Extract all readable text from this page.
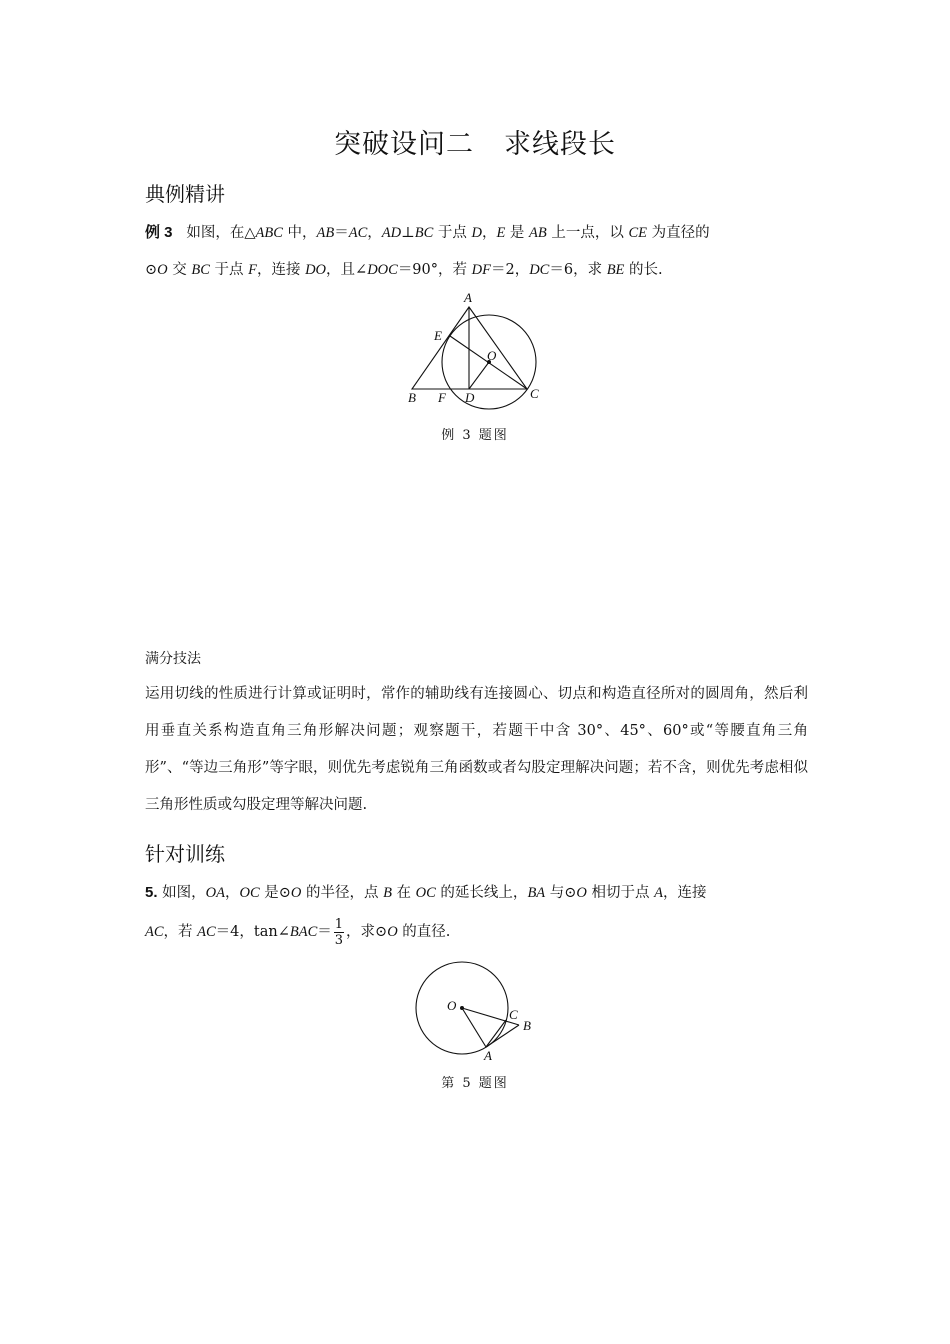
突破设问二 求线段长
典例精讲
例 3 如图，在△ABC 中，AB＝AC，AD⊥BC 于点 D，E 是 AB 上一点，以 CE 为直径的
⊙O 交 BC 于点 F，连接 DO，且∠DOC＝90°，若 DF＝2，DC＝6，求 BE 的长.
A
E
O
B F D	C
例 3 题图
满分技法
运用切线的性质进行计算或证明时，常作的辅助线有连接圆心、切点和构造直径所对的圆周角，然后利用垂直关系构造直角三角形解决问题；观察题干，若题干中含 30°、45°、60°或“等腰直角三角形”、“等边三角形”等字眼，则优先考虑锐角三角函数或者勾股定理解决问题；若不含，则优先考虑相似三角形性质或勾股定理等解决问题.
针对训练
5. 如图，OA，OC 是⊙O 的半径，点 B 在 OC 的延长线上，BA 与⊙O 相切于点 A，连接
AC，若 AC＝4，tan∠BAC＝ $\frac{1}{3}$ ，求⊙O 的直径.
O
C
B
A
第 5 题图
